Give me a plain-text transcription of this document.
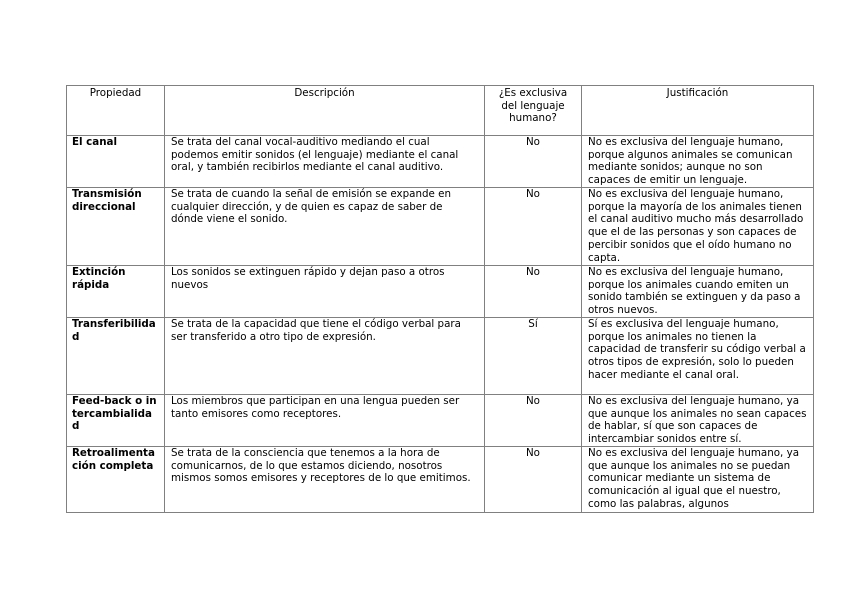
Propiedad	Descripción	¿Es exclusiva del lenguaje humano?	Justificación
El canal	Se trata del canal vocal-auditivo mediando el cual podemos emitir sonidos (el lenguaje) mediante el canal oral, y también recibirlos mediante el canal auditivo.	No	No es exclusiva del lenguaje humano, porque algunos animales se comunican mediante sonidos; aunque no son capaces de emitir un lenguaje.
Transmisión direccional	Se trata de cuando la señal de emisión se expande en cualquier dirección, y de quien es capaz de saber de dónde viene el sonido.	No	No es exclusiva del lenguaje humano, porque la mayoría de los animales tienen el canal auditivo mucho más desarrollado que el de las personas y son capaces de percibir sonidos que el oído humano no capta.
Extinción rápida	Los sonidos se extinguen rápido y dejan paso a otros nuevos	No	No es exclusiva del lenguaje humano, porque los animales cuando emiten un sonido también se extinguen y da paso a otros nuevos.
Transferibilidad	Se trata de la capacidad que tiene el código verbal para ser transferido a otro tipo de expresión.	Sí	Sí es exclusiva del lenguaje humano, porque los animales no tienen la capacidad de transferir su código verbal a otros tipos de expresión, solo lo pueden hacer mediante el canal oral.
Feed-back o intercambialidad	Los miembros que participan en una lengua pueden ser tanto emisores como receptores.	No	No es exclusiva del lenguaje humano, ya que aunque los animales no sean capaces de hablar, sí que son capaces de intercambiar sonidos entre sí.
Retroalimentación completa	Se trata de la consciencia que tenemos a la hora de comunicarnos, de lo que estamos diciendo, nosotros mismos somos emisores y receptores de lo que emitimos.	No	No es exclusiva del lenguaje humano, ya que aunque los animales no se puedan comunicar mediante un sistema de comunicación al igual que el nuestro, como las palabras, algunos
